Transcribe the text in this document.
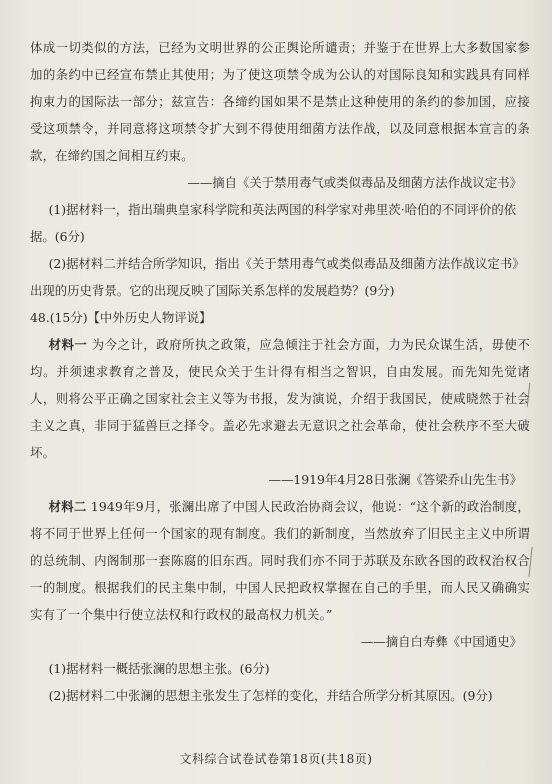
体成一切类似的方法，已经为文明世界的公正舆论所谴责；并鉴于在世界上大多数国家参加的条约中已经宣布禁止其使用；为了使这项禁令成为公认的对国际良知和实践具有同样拘束力的国际法一部分；兹宣告：各缔约国如果不是禁止这种使用的条约的参加国，应接受这项禁令，并同意将这项禁令扩大到不得使用细菌方法作战，以及同意根据本宣言的条款，在缔约国之间相互约束。

——摘自《关于禁用毒气或类似毒品及细菌方法作战议定书》

(1)据材料一，指出瑞典皇家科学院和英法两国的科学家对弗里茨·哈伯的不同评价的依据。(6分)

(2)据材料二并结合所学知识，指出《关于禁用毒气或类似毒品及细菌方法作战议定书》出现的历史背景。它的出现反映了国际关系怎样的发展趋势？(9分)

48.(15分)【中外历史人物评说】

材料一 为今之计，政府所执之政策，应急倾注于社会方面，力为民众谋生活，毋使不均。并须速求教育之普及，使民众关于生计得有相当之智识，自由发展。而先知先觉诸人，则将公平正确之国家社会主义等为书报，发为演说，介绍于我国民，使咸晓然于社会主义之真，非同于猛兽巨之择令。盖必先求避去无意识之社会革命，使社会秩序不至大破坏。

——1919年4月28日张澜《答梁乔山先生书》

材料二 1949年9月，张澜出席了中国人民政治协商会议，他说：“这个新的政治制度，将不同于世界上任何一个国家的现有制度。我们的新制度，当然放弃了旧民主主义中所谓的总统制、内阁制那一套陈腐的旧东西。同时我们亦不同于苏联及东欧各国的政权治权合一的制度。根据我们的民主集中制，中国人民把政权掌握在自己的手里，而人民又确确实实有了一个集中行使立法权和行政权的最高权力机关。”

——摘自白寿彝《中国通史》

(1)据材料一概括张澜的思想主张。(6分)

(2)据材料二中张澜的思想主张发生了怎样的变化，并结合所学分析其原因。(9分)

文科综合试卷试卷第18页(共18页)
